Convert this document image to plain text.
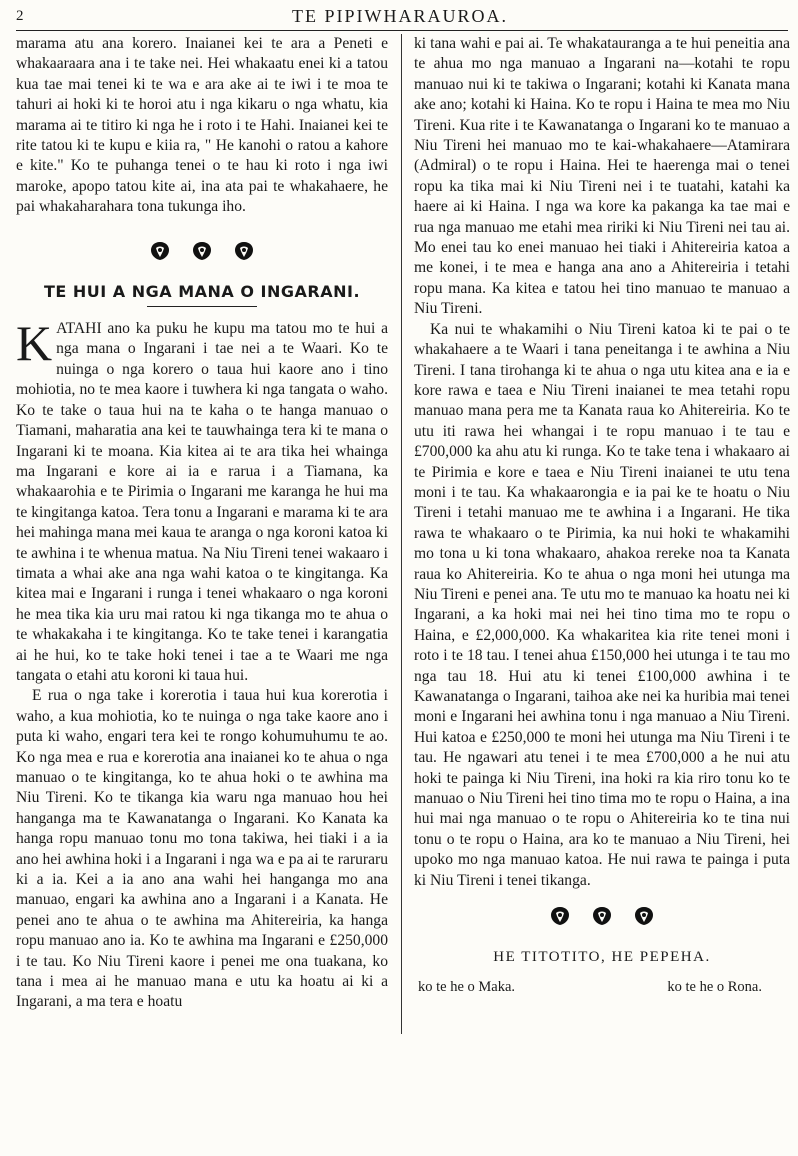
2	TE PIPIWHARAUROA.

marama atu ana korero. Inaianei kei te ara a Peneti e whakaaraara ana i te take nei. Hei whakaatu enei ki a tatou kua tae mai tenei ki te wa e ara ake ai te iwi i te moa te tahuri ai hoki ki te horoi atu i nga kikaru o nga whatu, kia marama ai te titiro ki nga he i roto i te Hahi. Inaianei kei te rite tatou ki te kupu e kiia ra, " He kanohi o ratou a kahore e kite." Ko te puhanga tenei o te hau ki roto i nga iwi maroke, apopo tatou kite ai, ina ata pai te whakahaere, he pai whakaharahara tona tukunga iho.

TE HUI A NGA MANA O INGARANI.

KATAHI ano ka puku he kupu ma tatou mo te hui a nga mana o Ingarani i tae nei a te Waari. Ko te nuinga o nga korero o taua hui kaore ano i tino mohiotia, no te mea kaore i tuwhera ki nga tangata o waho. Ko te take o taua hui na te kaha o te hanga manuao o Tiamani, maharatia ana kei te tauwhainga tera ki te mana o Ingarani ki te moana. Kia kitea ai te ara tika hei whainga ma Ingarani e kore ai ia e rarua i a Tiamana, ka whakaarohia e te Pirimia o Ingarani me karanga he hui ma te kingitanga katoa. Tera tonu a Ingarani e marama ki te ara hei mahinga mana mei kaua te aranga o nga koroni katoa ki te awhina i te whenua matua. Na Niu Tireni tenei wakaaro i timata a whai ake ana nga wahi katoa o te kingitanga. Ka kitea mai e Ingarani i runga i tenei whakaaro o nga koroni he mea tika kia uru mai ratou ki nga tikanga mo te ahua o te whakakaha i te kingitanga. Ko te take tenei i karangatia ai he hui, ko te take hoki tenei i tae a te Waari me nga tangata o etahi atu koroni ki taua hui.

E rua o nga take i korerotia i taua hui kua korerotia i waho, a kua mohiotia, ko te nuinga o nga take kaore ano i puta ki waho, engari tera kei te rongo kohumuhumu te ao. Ko nga mea e rua e korerotia ana inaianei ko te ahua o nga manuao o te kingitanga, ko te ahua hoki o te awhina ma Niu Tireni. Ko te tikanga kia waru nga manuao hou hei hanganga ma te Kawanatanga o Ingarani. Ko Kanata ka hanga ropu manuao tonu mo tona takiwa, hei tiaki i a ia ano hei awhina hoki i a Ingarani i nga wa e pa ai te raruraru ki a ia. Kei a ia ano ana wahi hei hanganga mo ana manuao, engari ka awhina ano a Ingarani i a Kanata. He penei ano te ahua o te awhina ma Ahitereiria, ka hanga ropu manuao ano ia. Ko te awhina ma Ingarani e £250,000 i te tau. Ko Niu Tireni kaore i penei me ona tuakana, ko tana i mea ai he manuao mana e utu ka hoatu ai ki a Ingarani, a ma tera e hoatu

ki tana wahi e pai ai. Te whakatauranga a te hui peneitia ana te ahua mo nga manuao a Ingarani na—kotahi te ropu manuao nui ki te takiwa o Ingarani; kotahi ki Kanata mana ake ano; kotahi ki Haina. Ko te ropu i Haina te mea mo Niu Tireni. Kua rite i te Kawanatanga o Ingarani ko te manuao a Niu Tireni hei manuao mo te kai-whakahaere—Atamirara (Admiral) o te ropu i Haina. Hei te haerenga mai o tenei ropu ka tika mai ki Niu Tireni nei i te tuatahi, katahi ka haere ai ki Haina. I nga wa kore ka pakanga ka tae mai e rua nga manuao me etahi mea ririki ki Niu Tireni nei tau ai. Mo enei tau ko enei manuao hei tiaki i Ahitereiria katoa a me konei, i te mea e hanga ana ano a Ahitereiria i tetahi ropu mana. Ka kitea e tatou hei tino manuao te manuao a Niu Tireni.

Ka nui te whakamihi o Niu Tireni katoa ki te pai o te whakahaere a te Waari i tana peneitanga i te awhina a Niu Tireni. I tana tirohanga ki te ahua o nga utu kitea ana e ia e kore rawa e taea e Niu Tireni inaianei te mea tetahi ropu manuao mana pera me ta Kanata raua ko Ahitereiria. Ko te utu iti rawa hei whangai i te ropu manuao i te tau e £700,000 ka ahu atu ki runga. Ko te take tena i whakaaro ai te Pirimia e kore e taea e Niu Tireni inaianei te utu tena moni i te tau. Ka whakaarongia e ia pai ke te hoatu o Niu Tireni i tetahi manuao me te awhina i a Ingarani. He tika rawa te whakaaro o te Pirimia, ka nui hoki te whakamihi mo tona u ki tona whakaaro, ahakoa rereke noa ta Kanata raua ko Ahitereiria. Ko te ahua o nga moni hei utunga ma Niu Tireni e penei ana. Te utu mo te manuao ka hoatu nei ki Ingarani, a ka hoki mai nei hei tino tima mo te ropu o Haina, e £2,000,000. Ka whakaritea kia rite tenei moni i roto i te 18 tau. I tenei ahua £150,000 hei utunga i te tau mo nga tau 18. Hui atu ki tenei £100,000 awhina i te Kawanatanga o Ingarani, taihoa ake nei ka huribia mai tenei moni e Ingarani hei awhina tonu i nga manuao a Niu Tireni. Hui katoa e £250,000 te moni hei utunga ma Niu Tireni i te tau. He ngawari atu tenei i te mea £700,000 a he nui atu hoki te painga ki Niu Tireni, ina hoki ra kia riro tonu ko te manuao o Niu Tireni hei tino tima mo te ropu o Haina, a ina hui mai nga manuao o te ropu o Ahitereiria ko te tina nui tonu o te ropu o Haina, ara ko te manuao a Niu Tireni, hei upoko mo nga manuao katoa. He nui rawa te painga i puta ki Niu Tireni i tenei tikanga.

HE TITOTITO, HE PEPEHA.
ko te he o Maka.	ko te he o Rona.
